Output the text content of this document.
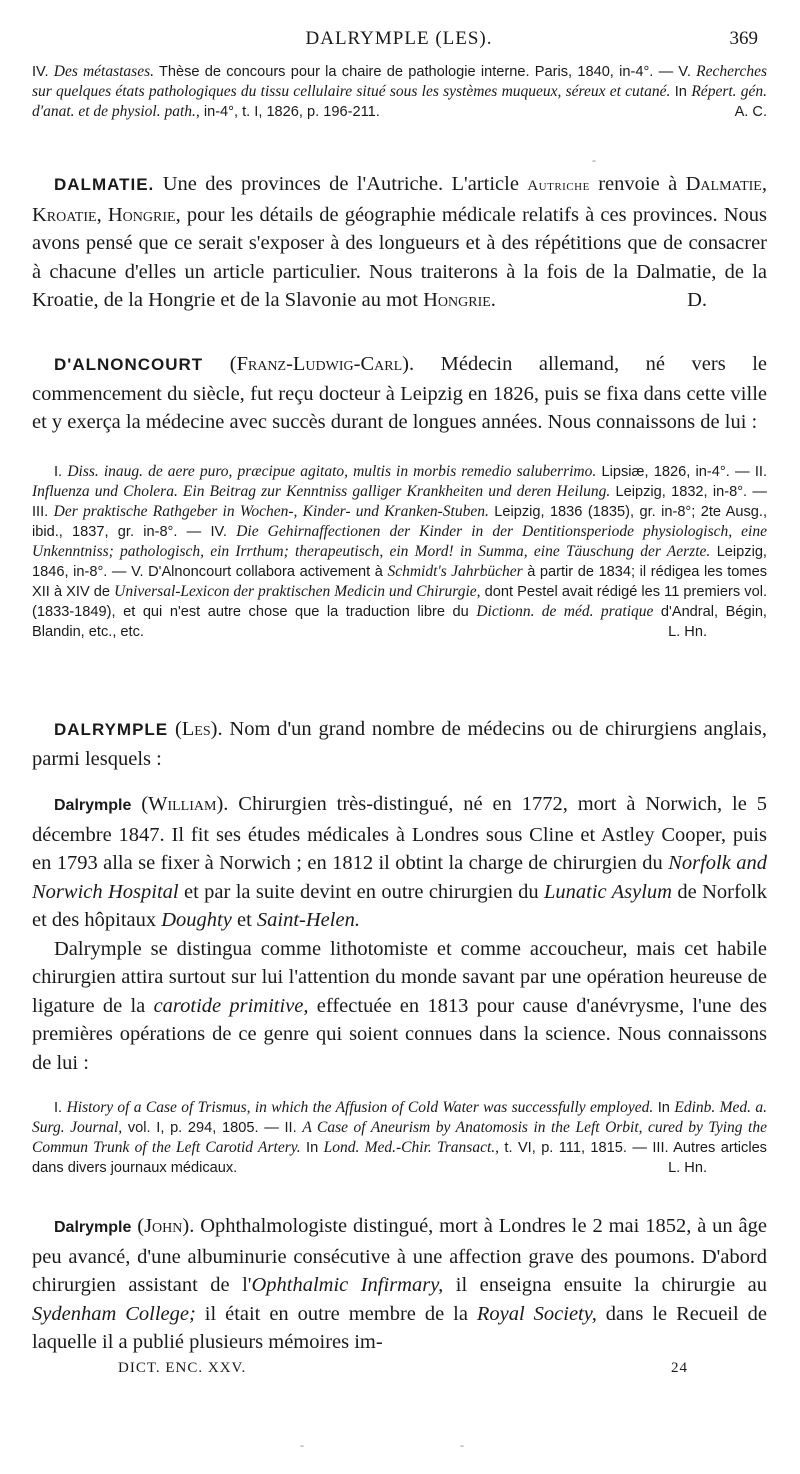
DALRYMPLE (LES).	369

IV. Des métastases. Thèse de concours pour la chaire de pathologie interne. Paris, 1840, in-4°. — V. Recherches sur quelques états pathologiques du tissu cellulaire situé sous les systèmes muqueux, séreux et cutané. In Répert. gén. d'anat. et de physiol. path., in-4°, t. I, 1826, p. 196-211.	A. C.

DALMATIE. Une des provinces de l'Autriche. L'article Autriche renvoie à Dalmatie, Kroatie, Hongrie, pour les détails de géographie médicale relatifs à ces provinces. Nous avons pensé que ce serait s'exposer à des longueurs et à des répétitions que de consacrer à chacune d'elles un article particulier. Nous traiterons à la fois de la Dalmatie, de la Kroatie, de la Hongrie et de la Slavonie au mot Hongrie.	D.

D'ALNONCOURT (Franz-Ludwig-Carl). Médecin allemand, né vers le commencement du siècle, fut reçu docteur à Leipzig en 1826, puis se fixa dans cette ville et y exerça la médecine avec succès durant de longues années. Nous connaissons de lui :

I. Diss. inaug. de aere puro, præcipue agitato, multis in morbis remedio saluberrimo. Lipsiæ, 1826, in-4°. — II. Influenza und Cholera. Ein Beitrag zur Kenntniss galliger Krankheiten und deren Heilung. Leipzig, 1832, in-8°. — III. Der praktische Rathgeber in Wochen-, Kinder- und Kranken-Stuben. Leipzig, 1836 (1835), gr. in-8°; 2te Ausg., ibid., 1837, gr. in-8°. — IV. Die Gehirnaffectionen der Kinder in der Dentitionsperiode physiologisch, eine Unkenntniss; pathologisch, ein Irrthum; therapeutisch, ein Mord! in Summa, eine Täuschung der Aerzte. Leipzig, 1846, in-8°. — V. D'Alnoncourt collabora activement à Schmidt's Jahrbücher à partir de 1834; il rédigea les tomes XII à XIV de Universal-Lexicon der praktischen Medicin und Chirurgie, dont Pestel avait rédigé les 11 premiers vol. (1833-1849), et qui n'est autre chose que la traduction libre du Dictionn. de méd. pratique d'Andral, Bégin, Blandin, etc., etc.	L. Hn.

DALRYMPLE (Les). Nom d'un grand nombre de médecins ou de chirurgiens anglais, parmi lesquels :

Dalrymple (William). Chirurgien très-distingué, né en 1772, mort à Norwich, le 5 décembre 1847. Il fit ses études médicales à Londres sous Cline et Astley Cooper, puis en 1793 alla se fixer à Norwich ; en 1812 il obtint la charge de chirurgien du Norfolk and Norwich Hospital et par la suite devint en outre chirurgien du Lunatic Asylum de Norfolk et des hôpitaux Doughty et Saint-Helen.

Dalrymple se distingua comme lithotomiste et comme accoucheur, mais cet habile chirurgien attira surtout sur lui l'attention du monde savant par une opération heureuse de ligature de la carotide primitive, effectuée en 1813 pour cause d'anévrysme, l'une des premières opérations de ce genre qui soient connues dans la science. Nous connaissons de lui :

I. History of a Case of Trismus, in which the Affusion of Cold Water was successfully employed. In Edinb. Med. a. Surg. Journal, vol. I, p. 294, 1805. — II. A Case of Aneurism by Anatomosis in the Left Orbit, cured by Tying the Commun Trunk of the Left Carotid Artery. In Lond. Med.-Chir. Transact., t. VI, p. 111, 1815. — III. Autres articles dans divers journaux médicaux.	L. Hn.

Dalrymple (John). Ophthalmologiste distingué, mort à Londres le 2 mai 1852, à un âge peu avancé, d'une albuminurie consécutive à une affection grave des poumons. D'abord chirurgien assistant de l'Ophthalmic Infirmary, il enseigna ensuite la chirurgie au Sydenham College; il était en outre membre de la Royal Society, dans le Recueil de laquelle il a publié plusieurs mémoires im-

DICT. ENC. XXV.	24
-	-
-
